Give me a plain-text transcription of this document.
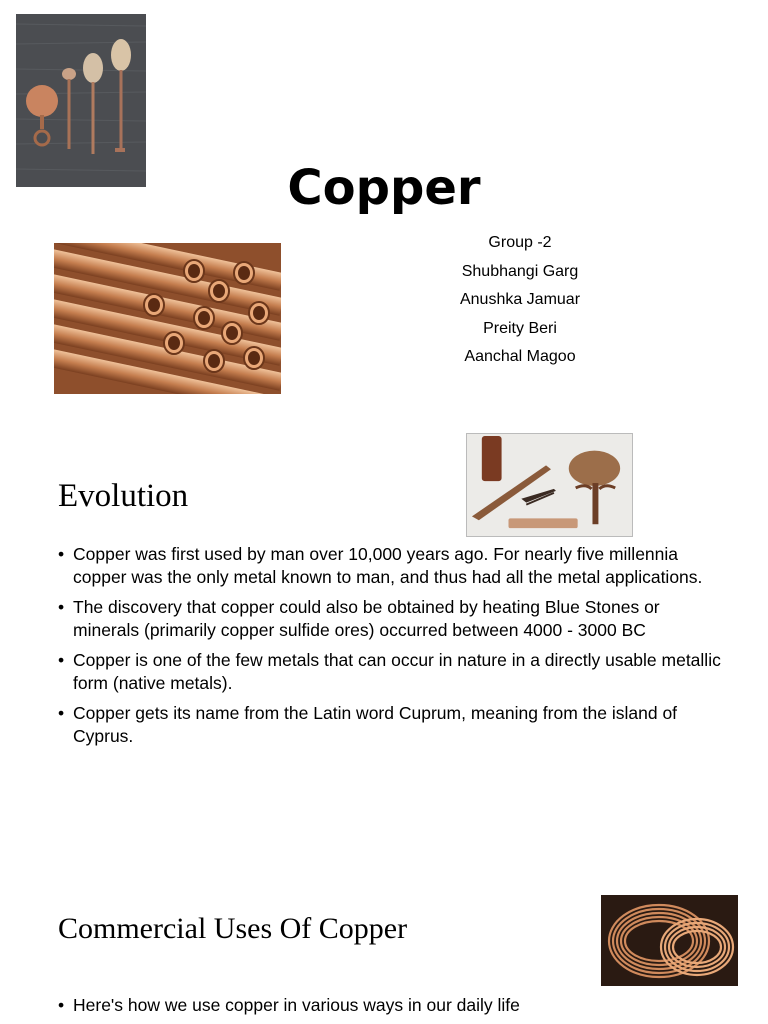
Copper
Group -2
Shubhangi Garg
Anushka Jamuar
Preity Beri
Aanchal Magoo
Evolution
• Copper was first used by man over 10,000 years ago. For nearly five millennia copper was the only metal known to man, and thus had all the metal applications.
• The discovery that copper could also be obtained by heating Blue Stones or minerals (primarily copper sulfide ores) occurred between 4000 - 3000 BC
• Copper is one of the few metals that can occur in nature in a directly usable metallic form (native metals).
• Copper gets its name from the Latin word Cuprum, meaning from the island of Cyprus.
Commercial Uses Of Copper
• Here's how we use copper in various ways in our daily life
